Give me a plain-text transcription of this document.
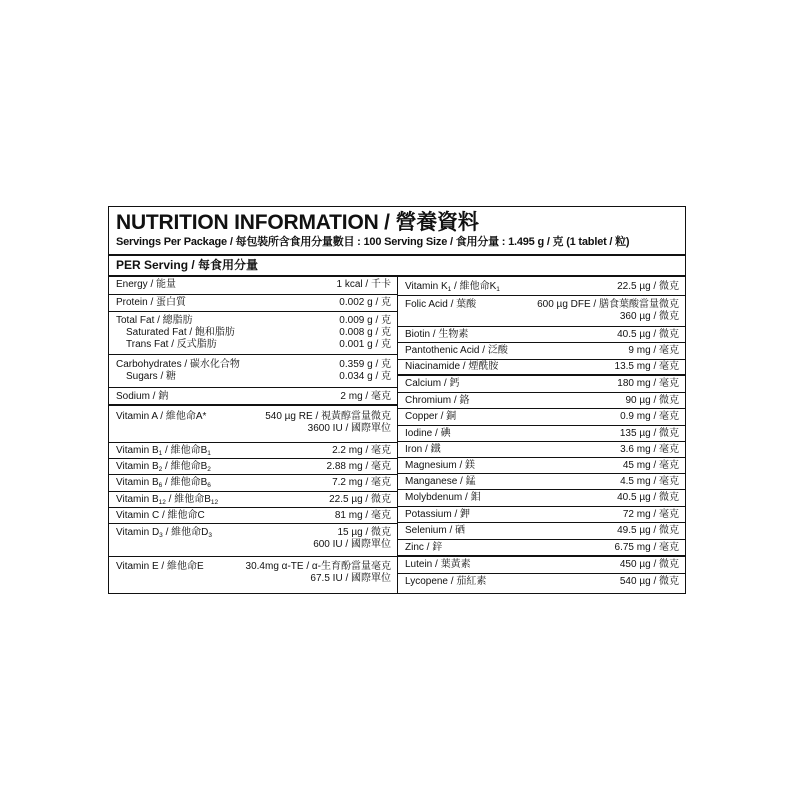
NUTRITION INFORMATION / 營養資料
Servings Per Package / 每包裝所含食用分量數目 : 100 Serving Size / 食用分量 : 1.495 g / 克 (1 tablet / 粒)
PER Serving / 每食用分量
Energy / 能量	1 kcal / 千卡
Protein / 蛋白質	0.002 g / 克
Total Fat / 總脂肪	0.009 g / 克
Saturated Fat / 飽和脂肪	0.008 g / 克
Trans Fat / 反式脂肪	0.001 g / 克
Carbohydrates / 碳水化合物	0.359 g / 克
Sugars / 糖	0.034 g / 克
Sodium / 鈉	2 mg / 毫克
Vitamin A / 維他命A*	540 µg RE / 視黃醇當量微克
3600 IU / 國際單位
Vitamin $B_1$ / 維他命$B_1$	2.2 mg / 毫克
Vitamin $B_2$ / 維他命$B_2$	2.88 mg / 毫克
Vitamin $B_6$ / 維他命$B_6$	7.2 mg / 毫克
Vitamin $B_{12}$ / 維他命$B_{12}$	22.5 µg / 微克
Vitamin C / 維他命C	81 mg / 毫克
Vitamin $D_3$ / 維他命$D_3$	15 µg / 微克
600 IU / 國際單位
Vitamin E / 維他命E	30.4mg α-TE / α-生育酚當量毫克
67.5 IU / 國際單位
Vitamin $K_1$ / 維他命$K_1$	22.5 µg / 微克
Folic Acid / 葉酸	600 µg DFE / 膳食葉酸當量微克
360 µg / 微克
Biotin / 生物素	40.5 µg / 微克
Pantothenic Acid / 泛酸	9 mg / 毫克
Niacinamide / 煙酰胺	13.5 mg / 毫克
Calcium / 鈣	180 mg / 毫克
Chromium / 鉻	90 µg / 微克
Copper / 銅	0.9 mg / 毫克
Iodine / 碘	135 µg / 微克
Iron / 鐵	3.6 mg / 毫克
Magnesium / 鎂	45 mg / 毫克
Manganese / 錳	4.5 mg / 毫克
Molybdenum / 鉬	40.5 µg / 微克
Potassium / 鉀	72 mg / 毫克
Selenium / 硒	49.5 µg / 微克
Zinc / 鋅	6.75 mg / 毫克
Lutein / 葉黃素	450 µg / 微克
Lycopene / 茄紅素	540 µg / 微克
